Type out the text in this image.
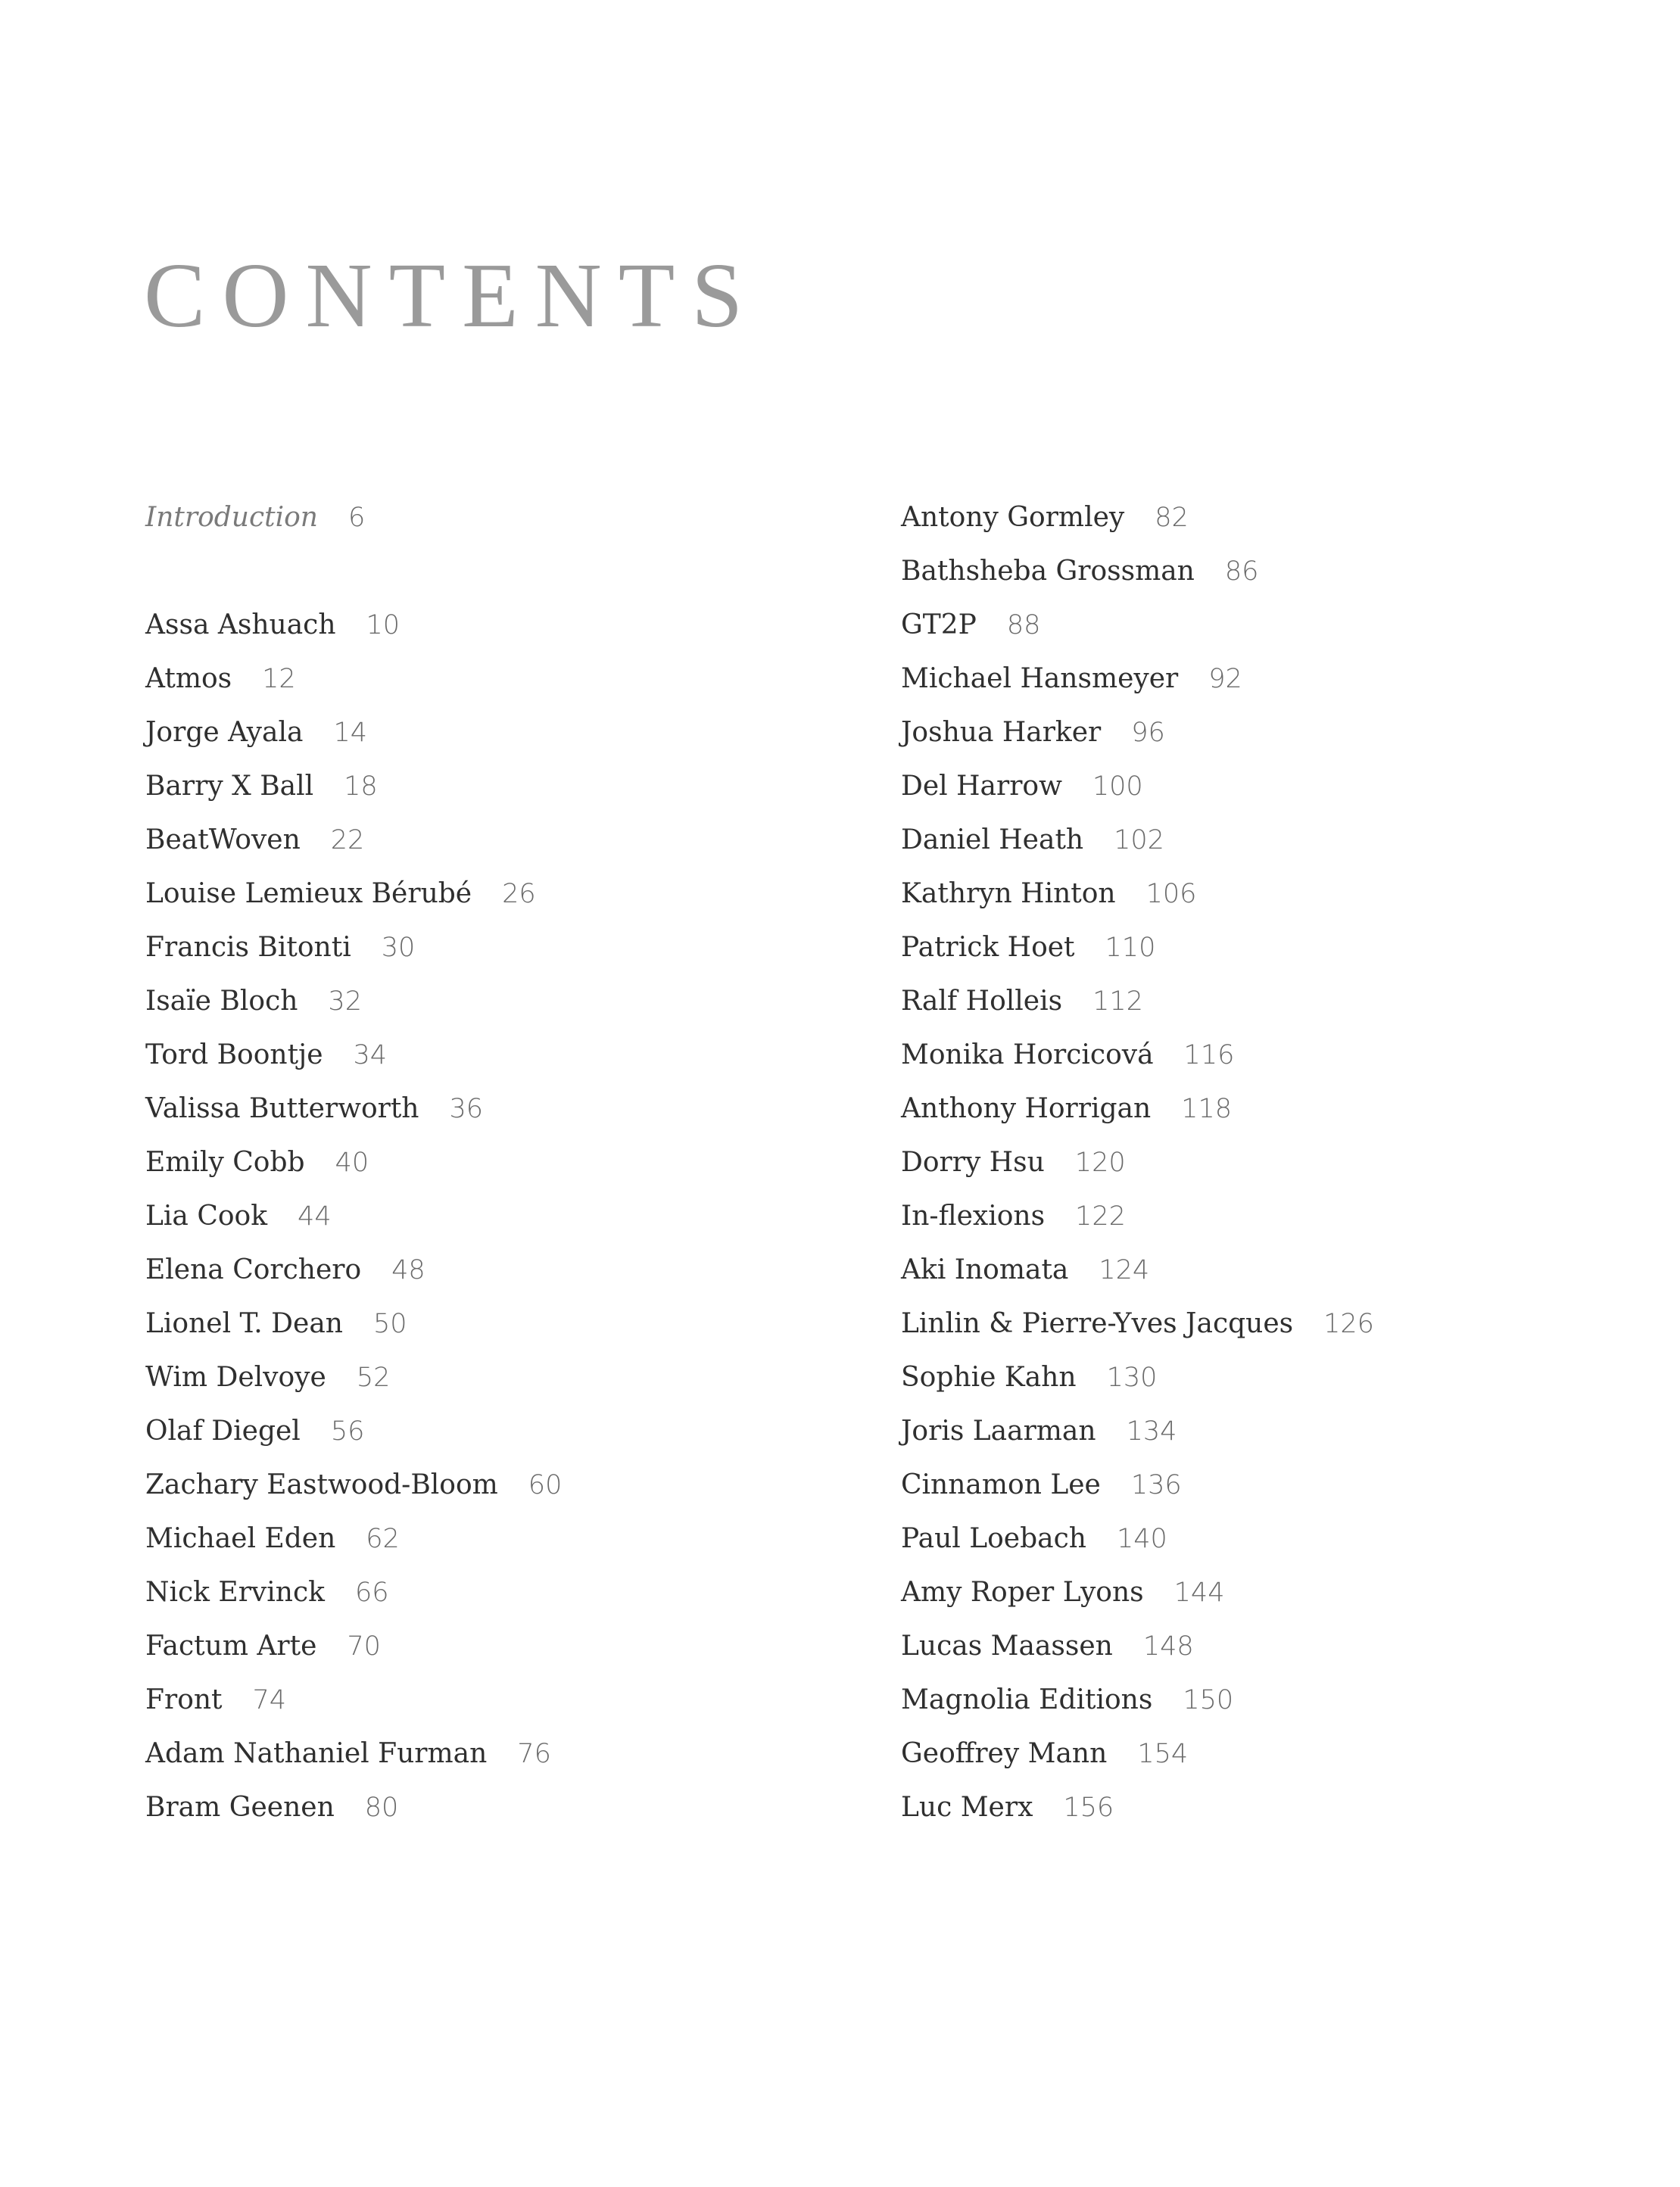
CONTENTS
Introduction 6
Assa Ashuach 10
Atmos 12
Jorge Ayala 14
Barry X Ball 18
BeatWoven 22
Louise Lemieux Bérubé 26
Francis Bitonti 30
Isaïe Bloch 32
Tord Boontje 34
Valissa Butterworth 36
Emily Cobb 40
Lia Cook 44
Elena Corchero 48
Lionel T. Dean 50
Wim Delvoye 52
Olaf Diegel 56
Zachary Eastwood-Bloom 60
Michael Eden 62
Nick Ervinck 66
Factum Arte 70
Front 74
Adam Nathaniel Furman 76
Bram Geenen 80
Antony Gormley 82
Bathsheba Grossman 86
GT2P 88
Michael Hansmeyer 92
Joshua Harker 96
Del Harrow 100
Daniel Heath 102
Kathryn Hinton 106
Patrick Hoet 110
Ralf Holleis 112
Monika Horcicová 116
Anthony Horrigan 118
Dorry Hsu 120
In-flexions 122
Aki Inomata 124
Linlin & Pierre-Yves Jacques 126
Sophie Kahn 130
Joris Laarman 134
Cinnamon Lee 136
Paul Loebach 140
Amy Roper Lyons 144
Lucas Maassen 148
Magnolia Editions 150
Geoffrey Mann 154
Luc Merx 156
